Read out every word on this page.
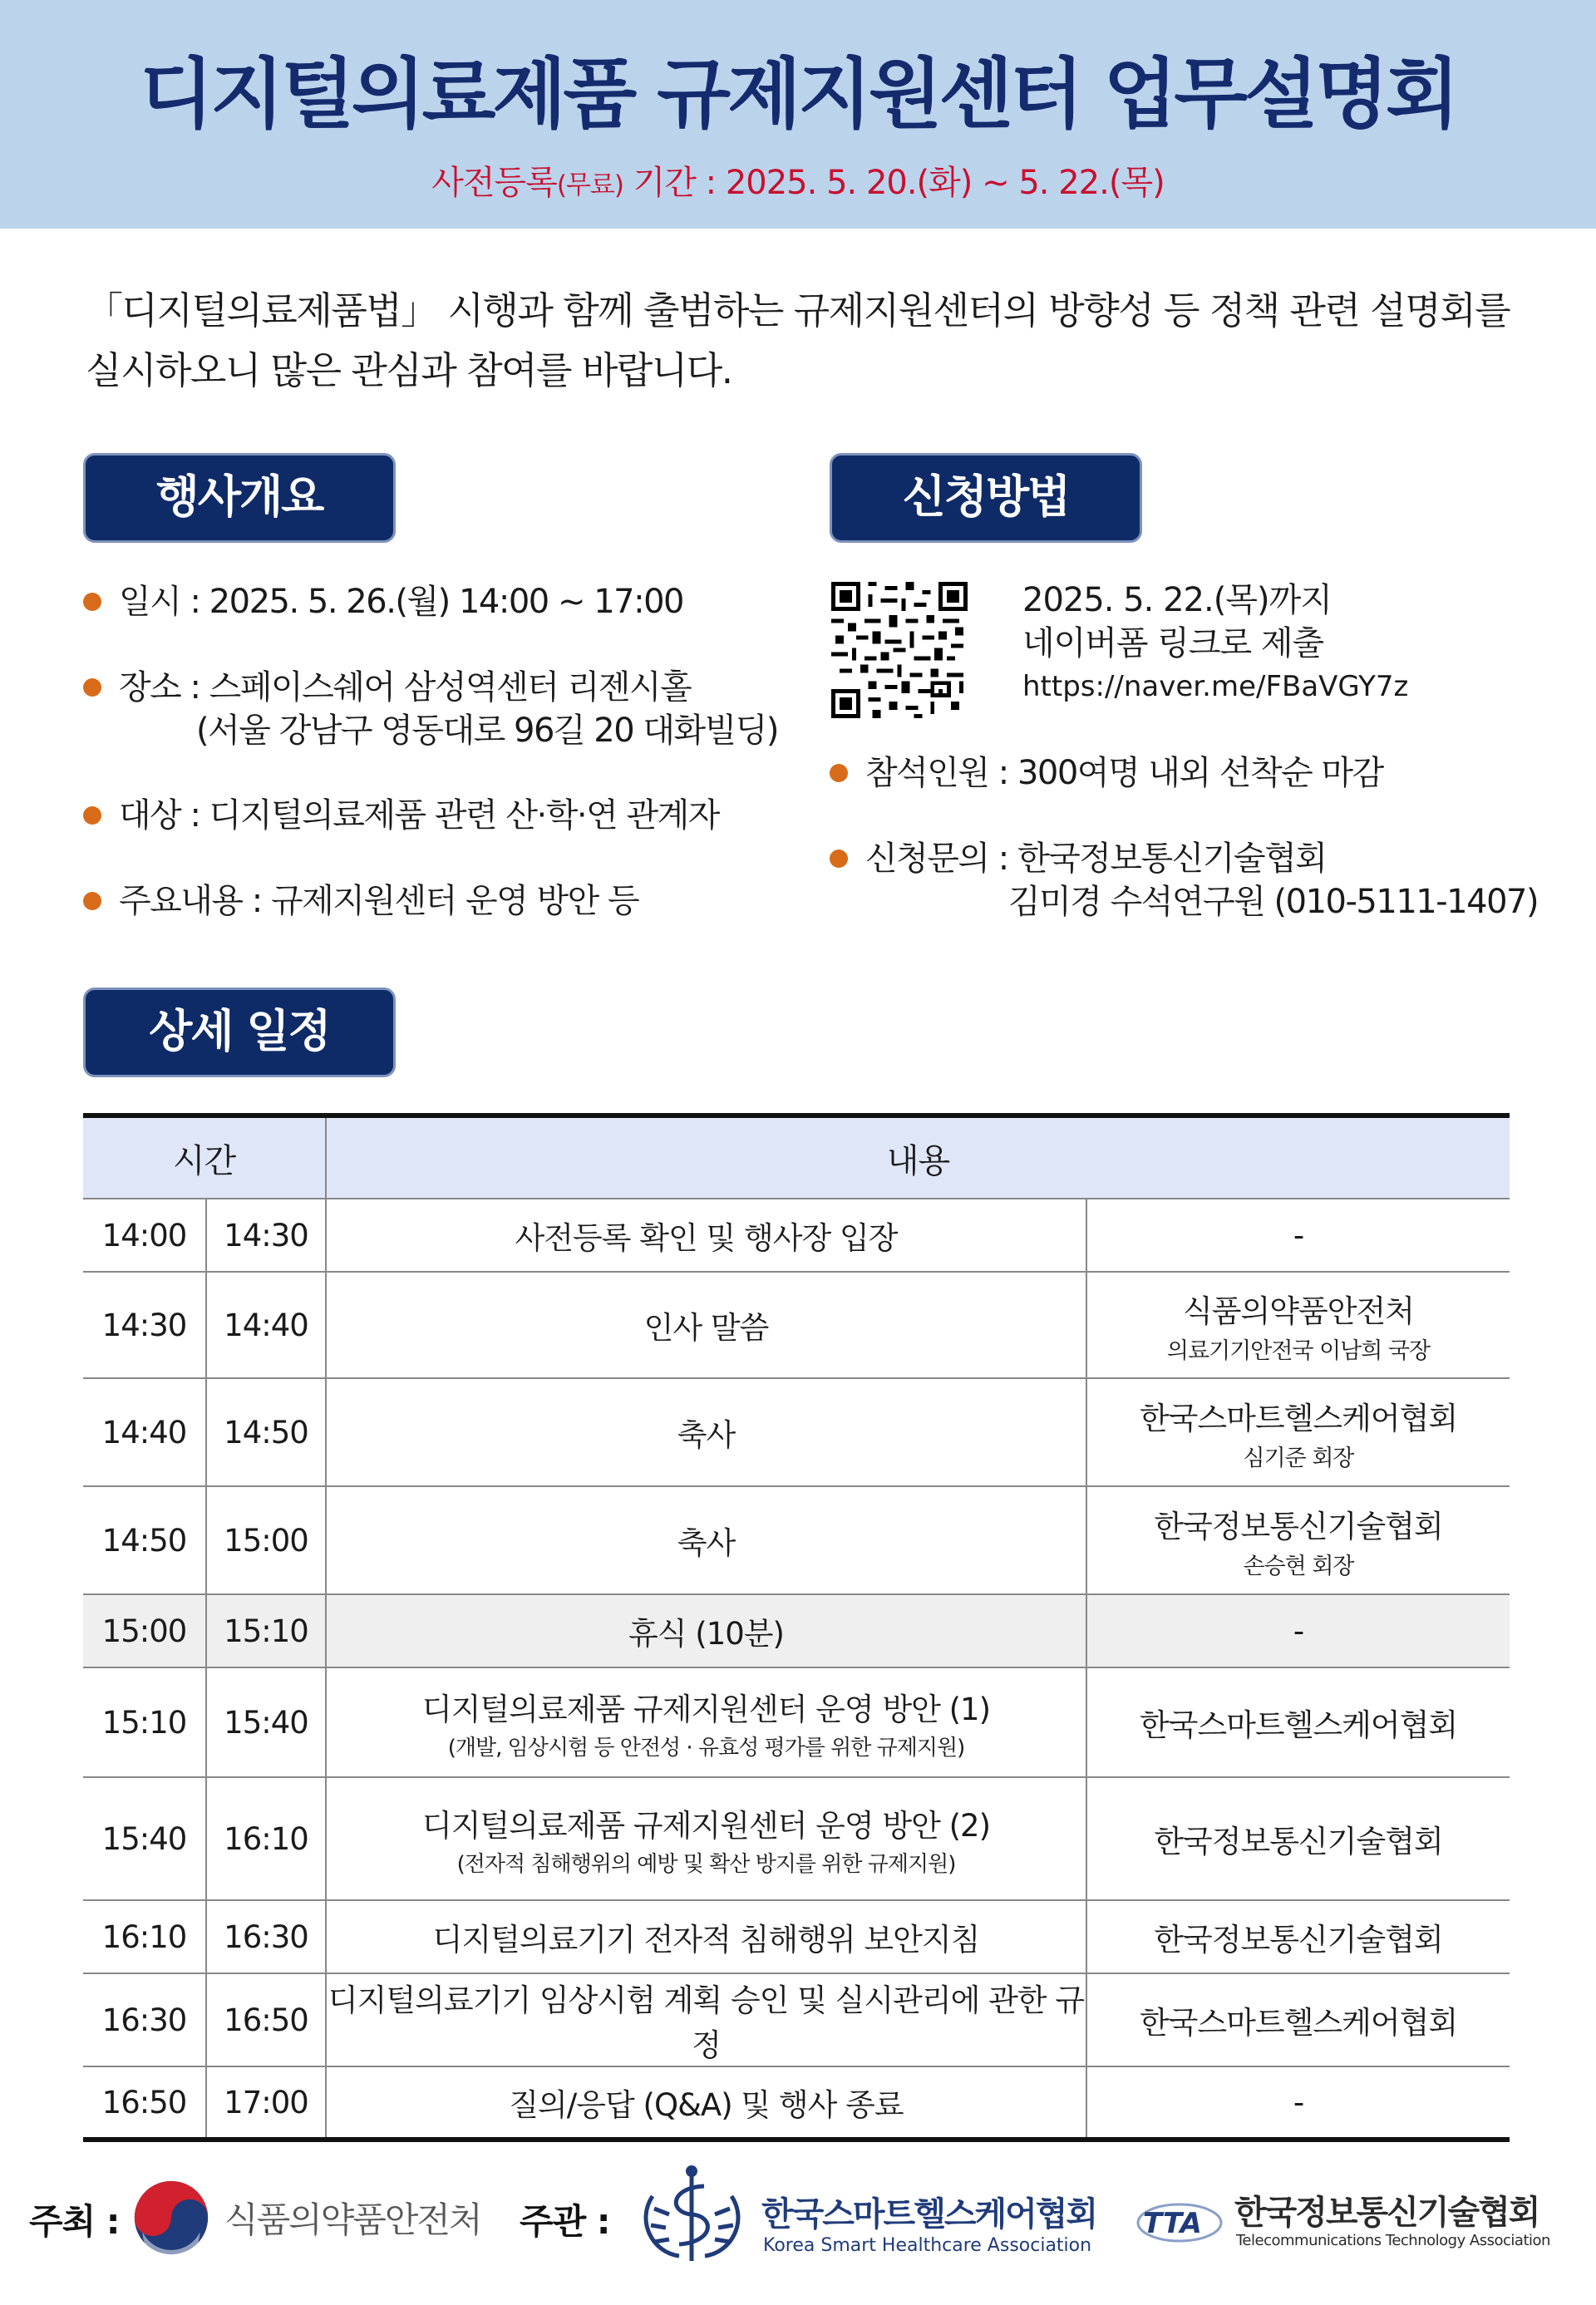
디지털의료제품 규제지원센터 업무설명회
사전등록(무료) 기간 : 2025. 5. 20.(화) ~ 5. 22.(목)
「디지털의료제품법」 시행과 함께 출범하는 규제지원센터의 방향성 등 정책 관련 설명회를
실시하오니 많은 관심과 참여를 바랍니다.
행사개요	신청방법
상세 일정
일시 : 2025. 5. 26.(월) 14:00 ~ 17:00
장소 : 스페이스쉐어 삼성역센터 리젠시홀
(서울 강남구 영동대로 96길 20 대화빌딩)
대상 : 디지털의료제품 관련 산·학·연 관계자
주요내용 : 규제지원센터 운영 방안 등
2025. 5. 22.(목)까지
네이버폼 링크로 제출
https://naver.me/FBaVGY7z
참석인원 : 300여명 내외 선착순 마감
신청문의 : 한국정보통신기술협회
김미경 수석연구원 (010-5111-1407)
시간		내용	
14:00	14:30	사전등록 확인 및 행사장 입장	-
14:30	14:40	인사 말씀	식품의약품안전처
의료기기안전국 이남희 국장

14:40	14:50	축사	한국스마트헬스케어협회
심기준 회장

14:50	15:00	축사	한국정보통신기술협회
손승현 회장

15:00	15:10	휴식 (10분)	-
15:10	15:40	디지털의료제품 규제지원센터 운영 방안 (1)
(개발, 임상시험 등 안전성 · 유효성 평가를 위한 규제지원)	한국스마트헬스케어협회
15:40	16:10	디지털의료제품 규제지원센터 운영 방안 (2)
(전자적 침해행위의 예방 및 확산 방지를 위한 규제지원)	한국정보통신기술협회
16:10	16:30	디지털의료기기 전자적 침해행위 보안지침	한국정보통신기술협회
16:30	16:50	디지털의료기기 임상시험 계획 승인 및 실시관리에 관한 규정	한국스마트헬스케어협회
16:50	17:00	질의/응답 (Q&A) 및 행사 종료	-
주최 :	식품의약품안전처 주관 :	한국스마트헬스케어협회
Korea Smart Healthcare Association
TTA 한국정보통신기술협회
Telecommunications Technology Association
